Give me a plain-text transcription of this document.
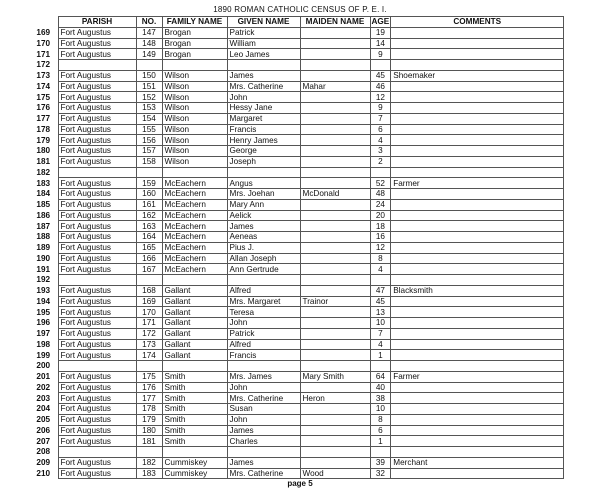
1890 ROMAN CATHOLIC CENSUS OF P. E. I.
	PARISH	NO.	FAMILY NAME	GIVEN NAME	MAIDEN NAME	AGE	COMMENTS
169	Fort Augustus	147	Brogan	Patrick		19	
170	Fort Augustus	148	Brogan	William		14	
171	Fort Augustus	149	Brogan	Leo James		9	
172							
173	Fort Augustus	150	Wilson	James		45	Shoemaker
174	Fort Augustus	151	Wilson	Mrs. Catherine	Mahar	46	
175	Fort Augustus	152	Wilson	John		12	
176	Fort Augustus	153	Wilson	Hessy Jane		9	
177	Fort Augustus	154	Wilson	Margaret		7	
178	Fort Augustus	155	Wilson	Francis		6	
179	Fort Augustus	156	Wilson	Henry James		4	
180	Fort Augustus	157	Wilson	George		3	
181	Fort Augustus	158	Wilson	Joseph		2	
182							
183	Fort Augustus	159	McEachern	Angus		52	Farmer
184	Fort Augustus	160	McEachern	Mrs. Joehan	McDonald	48	
185	Fort Augustus	161	McEachern	Mary Ann		24	
186	Fort Augustus	162	McEachern	Aelick		20	
187	Fort Augustus	163	McEachern	James		18	
188	Fort Augustus	164	McEachern	Aeneas		16	
189	Fort Augustus	165	McEachern	Pius J.		12	
190	Fort Augustus	166	McEachern	Allan Joseph		8	
191	Fort Augustus	167	McEachern	Ann Gertrude		4	
192							
193	Fort Augustus	168	Gallant	Alfred		47	Blacksmith
194	Fort Augustus	169	Gallant	Mrs. Margaret	Trainor	45	
195	Fort Augustus	170	Gallant	Teresa		13	
196	Fort Augustus	171	Gallant	John		10	
197	Fort Augustus	172	Gallant	Patrick		7	
198	Fort Augustus	173	Gallant	Alfred		4	
199	Fort Augustus	174	Gallant	Francis		1	
200							
201	Fort Augustus	175	Smith	Mrs. James	Mary Smith	64	Farmer
202	Fort Augustus	176	Smith	John		40	
203	Fort Augustus	177	Smith	Mrs. Catherine	Heron	38	
204	Fort Augustus	178	Smith	Susan		10	
205	Fort Augustus	179	Smith	John		8	
206	Fort Augustus	180	Smith	James		6	
207	Fort Augustus	181	Smith	Charles		1	
208							
209	Fort Augustus	182	Cummiskey	James		39	Merchant
210	Fort Augustus	183	Cummiskey	Mrs. Catherine	Wood	32	
page 5
